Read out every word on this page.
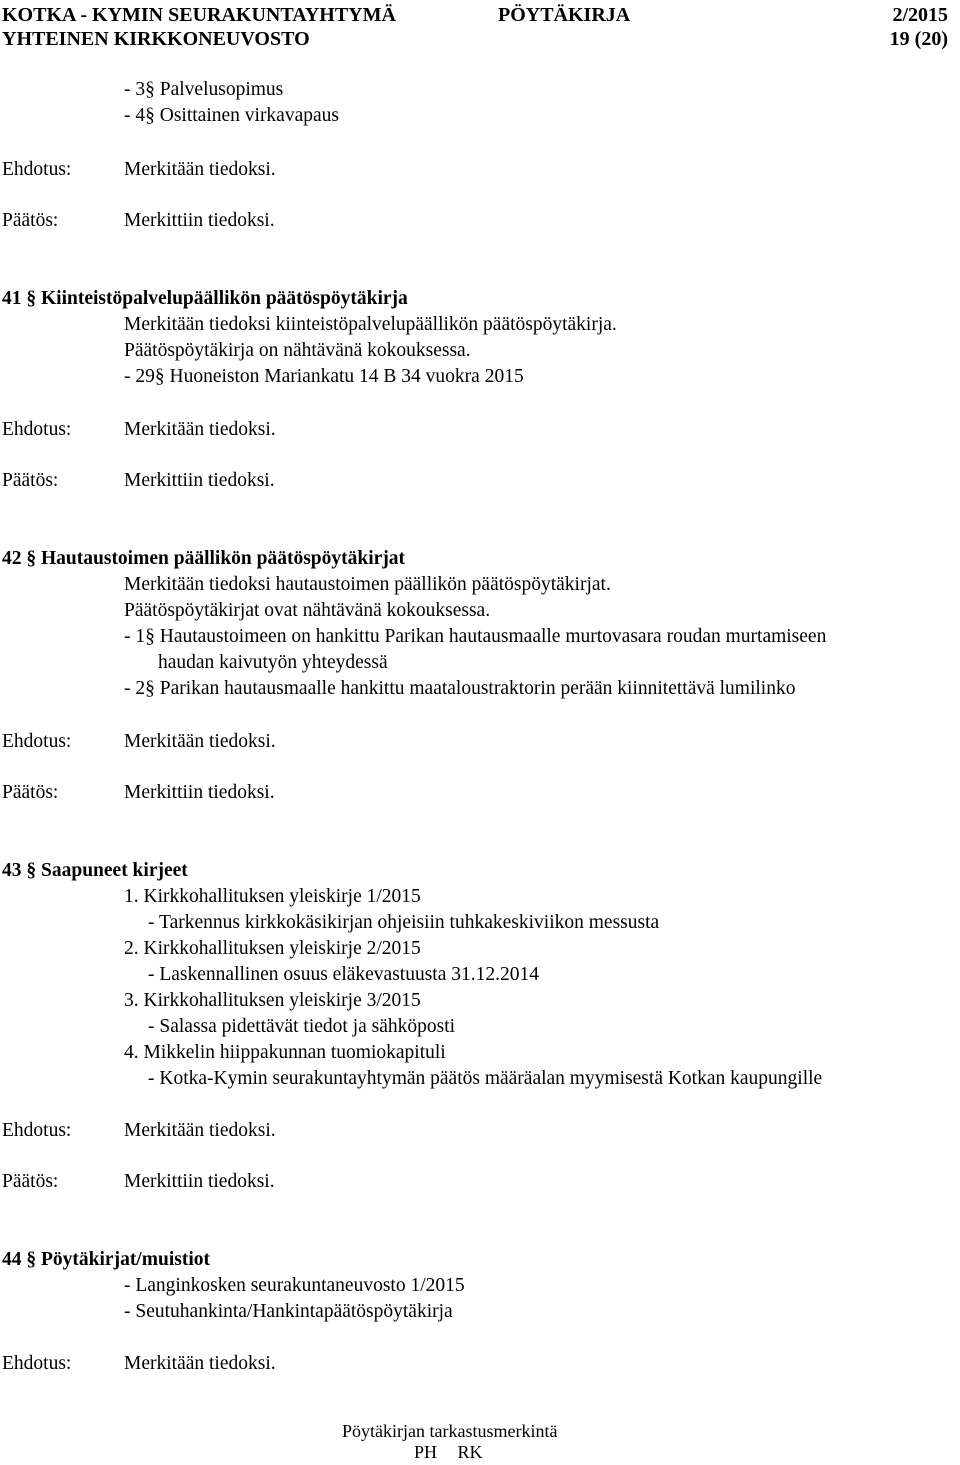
KOTKA - KYMIN SEURAKUNTAYHTYMÄ	PÖYTÄKIRJA	2/2015
YHTEINEN KIRKKONEUVOSTO	19 (20)
- 3§ Palvelusopimus
- 4§ Osittainen virkavapaus
Ehdotus:	Merkitään tiedoksi.
Päätös:	Merkittiin tiedoksi.
41 § Kiinteistöpalvelupäällikön päätöspöytäkirja
Merkitään tiedoksi kiinteistöpalvelupäällikön päätöspöytäkirja.
Päätöspöytäkirja on nähtävänä kokouksessa.
- 29§ Huoneiston Mariankatu 14 B 34 vuokra 2015
Ehdotus:	Merkitään tiedoksi.
Päätös:	Merkittiin tiedoksi.
42 § Hautaustoimen päällikön päätöspöytäkirjat
Merkitään tiedoksi hautaustoimen päällikön päätöspöytäkirjat.
Päätöspöytäkirjat ovat nähtävänä kokouksessa.
- 1§ Hautaustoimeen on hankittu Parikan hautausmaalle murtovasara roudan murtamiseen
haudan kaivutyön yhteydessä
- 2§ Parikan hautausmaalle hankittu maataloustraktorin perään kiinnitettävä lumilinko
Ehdotus:	Merkitään tiedoksi.
Päätös:	Merkittiin tiedoksi.
43 § Saapuneet kirjeet
1. Kirkkohallituksen yleiskirje 1/2015
- Tarkennus kirkkokäsikirjan ohjeisiin tuhkakeskiviikon messusta
2. Kirkkohallituksen yleiskirje 2/2015
- Laskennallinen osuus eläkevastuusta 31.12.2014
3. Kirkkohallituksen yleiskirje 3/2015
- Salassa pidettävät tiedot ja sähköposti
4. Mikkelin hiippakunnan tuomiokapituli
- Kotka-Kymin seurakuntayhtymän päätös määräalan myymisestä Kotkan kaupungille
Ehdotus:	Merkitään tiedoksi.
Päätös:	Merkittiin tiedoksi.
44 § Pöytäkirjat/muistiot
- Langinkosken seurakuntaneuvosto 1/2015
- Seutuhankinta/Hankintapäätöspöytäkirja
Ehdotus:	Merkitään tiedoksi.
Pöytäkirjan tarkastusmerkintä
PH RK
